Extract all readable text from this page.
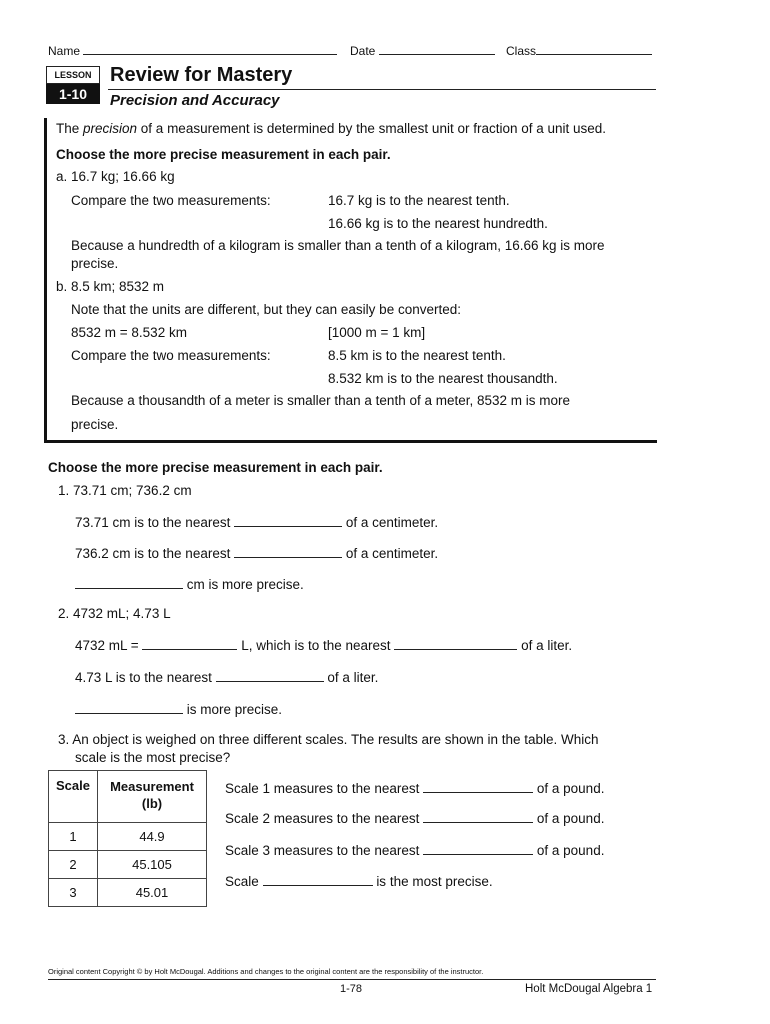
Name	Date	Class
LESSON
1-10
Review for Mastery
Precision and Accuracy
The precision of a measurement is determined by the smallest unit or fraction of a unit used.
Choose the more precise measurement in each pair.
a. 16.7 kg; 16.66 kg
Compare the two measurements:	16.7 kg is to the nearest tenth.
16.66 kg is to the nearest hundredth.
Because a hundredth of a kilogram is smaller than a tenth of a kilogram, 16.66 kg is more
precise.
b. 8.5 km; 8532 m
Note that the units are different, but they can easily be converted:
8532 m = 8.532 km	[1000 m = 1 km]
Compare the two measurements:	8.5 km is to the nearest tenth.
8.532 km is to the nearest thousandth.
Because a thousandth of a meter is smaller than a tenth of a meter, 8532 m is more
precise.
Choose the more precise measurement in each pair.
1. 73.71 cm; 736.2 cm
73.71 cm is to the nearest	of a centimeter.
736.2 cm is to the nearest	of a centimeter.
cm is more precise.
2. 4732 mL; 4.73 L
4732 mL =	L, which is to the nearest	of a liter.
4.73 L is to the nearest	of a liter.
is more precise.
3. An object is weighed on three different scales. The results are shown in the table. Which
scale is the most precise?
Scale	Measurement
(lb)

1	44.9
2	45.105
3	45.01
Scale 1 measures to the nearest	of a pound.
Scale 2 measures to the nearest	of a pound.
Scale 3 measures to the nearest	of a pound.
Scale	is the most precise.
Original content Copyright © by Holt McDougal. Additions and changes to the original content are the responsibility of the instructor.
1-78	Holt McDougal Algebra 1
